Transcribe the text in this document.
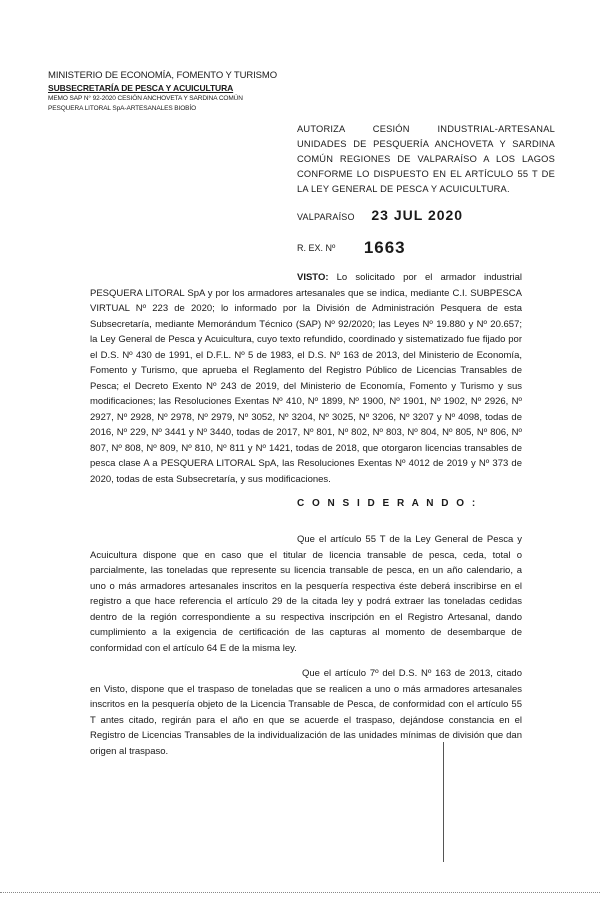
MINISTERIO DE ECONOMÍA, FOMENTO Y TURISMO
SUBSECRETARÍA DE PESCA Y ACUICULTURA
MEMO SAP N° 92-2020 CESIÓN ANCHOVETA Y SARDINA COMÚN
PESQUERA LITORAL SpA-ARTESANALES BIOBÍO
AUTORIZA CESIÓN INDUSTRIAL-ARTESANAL UNIDADES DE PESQUERÍA ANCHOVETA Y SARDINA COMÚN REGIONES DE VALPARAÍSO A LOS LAGOS CONFORME LO DISPUESTO EN EL ARTÍCULO 55 T DE LA LEY GENERAL DE PESCA Y ACUICULTURA.
VALPARAÍSO 23 JUL 2020
R. EX. Nº 1663
VISTO: Lo solicitado por el armador industrial PESQUERA LITORAL SpA y por los armadores artesanales que se indica, mediante C.I. SUBPESCA VIRTUAL Nº 223 de 2020; lo informado por la División de Administración Pesquera de esta Subsecretaría, mediante Memorándum Técnico (SAP) Nº 92/2020; las Leyes Nº 19.880 y Nº 20.657; la Ley General de Pesca y Acuicultura, cuyo texto refundido, coordinado y sistematizado fue fijado por el D.S. Nº 430 de 1991, el D.F.L. Nº 5 de 1983, el D.S. Nº 163 de 2013, del Ministerio de Economía, Fomento y Turismo, que aprueba el Reglamento del Registro Público de Licencias Transables de Pesca; el Decreto Exento Nº 243 de 2019, del Ministerio de Economía, Fomento y Turismo y sus modificaciones; las Resoluciones Exentas Nº 410, Nº 1899, Nº 1900, Nº 1901, Nº 1902, Nº 2926, Nº 2927, Nº 2928, Nº 2978, Nº 2979, Nº 3052, Nº 3204, Nº 3025, Nº 3206, Nº 3207 y Nº 4098, todas de 2016, Nº 229, Nº 3441 y Nº 3440, todas de 2017, Nº 801, Nº 802, Nº 803, Nº 804, Nº 805, Nº 806, Nº 807, Nº 808, Nº 809, Nº 810, Nº 811 y Nº 1421, todas de 2018, que otorgaron licencias transables de pesca clase A a PESQUERA LITORAL SpA, las Resoluciones Exentas Nº 4012 de 2019 y Nº 373 de 2020, todas de esta Subsecretaría, y sus modificaciones.
C O N S I D E R A N D O :
Que el artículo 55 T de la Ley General de Pesca y Acuicultura dispone que en caso que el titular de licencia transable de pesca, ceda, total o parcialmente, las toneladas que represente su licencia transable de pesca, en un año calendario, a uno o más armadores artesanales inscritos en la pesquería respectiva éste deberá inscribirse en el registro a que hace referencia el artículo 29 de la citada ley y podrá extraer las toneladas cedidas dentro de la región correspondiente a su respectiva inscripción en el Registro Artesanal, dando cumplimiento a la exigencia de certificación de las capturas al momento de desembarque de conformidad con el artículo 64 E de la misma ley.
Que el artículo 7º del D.S. Nº 163 de 2013, citado en Visto, dispone que el traspaso de toneladas que se realicen a uno o más armadores artesanales inscritos en la pesquería objeto de la Licencia Transable de Pesca, de conformidad con el artículo 55 T antes citado, regirán para el año en que se acuerde el traspaso, dejándose constancia en el Registro de Licencias Transables de la individualización de las unidades mínimas de división que dan origen al traspaso.
